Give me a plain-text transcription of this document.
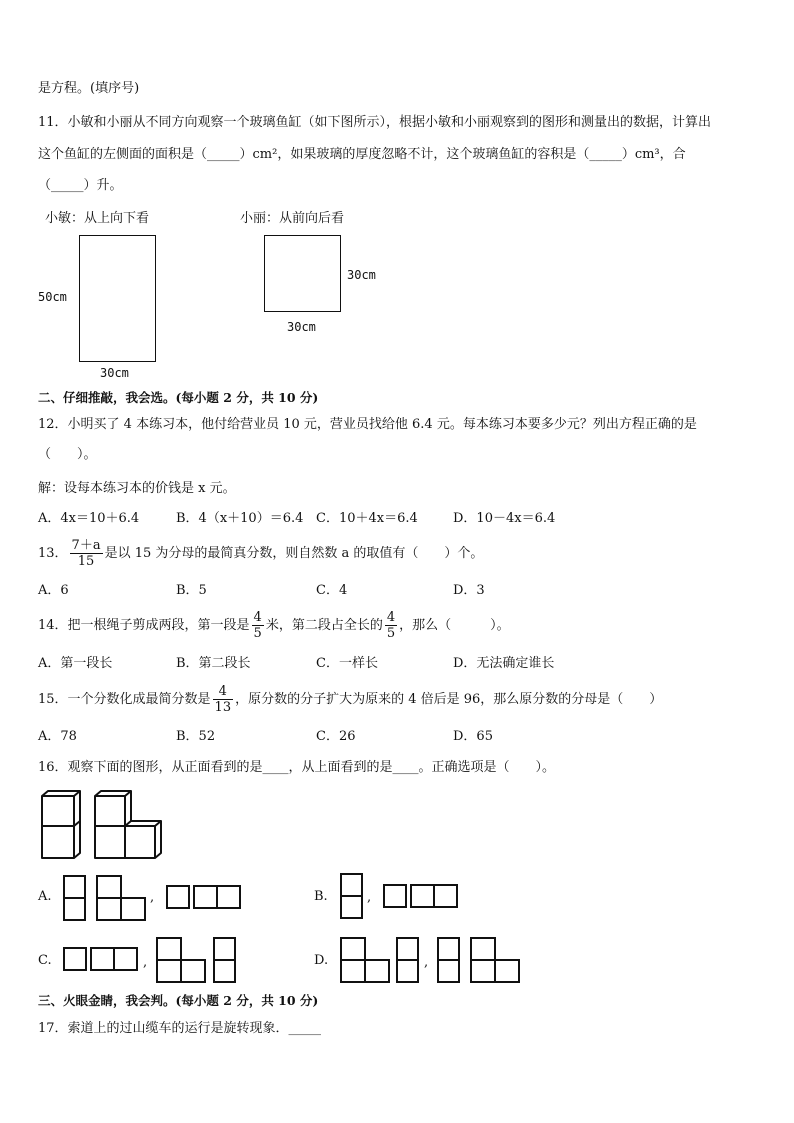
是方程。(填序号)
11．小敏和小丽从不同方向观察一个玻璃鱼缸（如下图所示），根据小敏和小丽观察到的图形和测量出的数据，计算出
这个鱼缸的左侧面的面积是（_____）cm²，如果玻璃的厚度忽略不计，这个玻璃鱼缸的容积是（_____）cm³，合
（_____）升。
小敏：从上向下看	小丽：从前向后看
50cm
30cm
30cm
30cm
二、仔细推敲，我会选。(每小题 2 分，共 10 分)
12．小明买了 4 本练习本，他付给营业员 10 元，营业员找给他 6.4 元。每本练习本要多少元？列出方程正确的是
（　　）。
解：设每本练习本的价钱是 x 元。
A．4x＝10＋6.4	B．4（x＋10）＝6.4 C．10＋4x＝6.4	D．10－4x＝6.4
13． $\frac{7+a}{15}$ 是以 15 为分母的最简真分数，则自然数 a 的取值有（　　）个。
A．6	B．5	C．4	D．3
14．把一根绳子剪成两段，第一段是 $\frac{4}{5}$ 米，第二段占全长的 $\frac{4}{5}$ ，那么（　　　）。
A．第一段长	B．第二段长	C．一样长	D．无法确定谁长
15．一个分数化成最简分数是 $\frac{4}{13}$ ，原分数的分子扩大为原来的 4 倍后是 96，那么原分数的分母是（　　）
A．78	B．52	C．26	D．65
16．观察下面的图形，从正面看到的是____，从上面看到的是____。正确选项是（　　）。
A.	,	B.	,
C.	,	D.	,
三、火眼金睛，我会判。(每小题 2 分，共 10 分)
17．索道上的过山缆车的运行是旋转现象．_____
